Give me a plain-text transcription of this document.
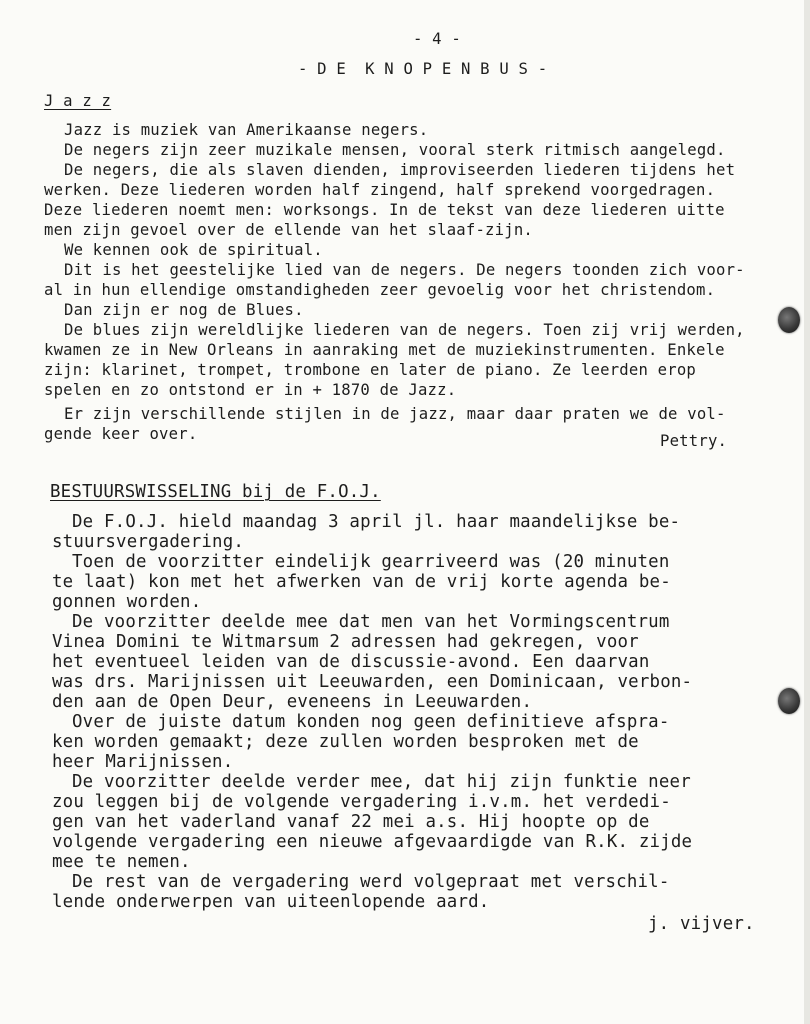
- 4 -
- D E  K N O P E N B U S -
J a z z
Jazz is muziek van Amerikaanse negers.
De negers zijn zeer muzikale mensen, vooral sterk ritmisch aangelegd.
De negers, die als slaven dienden, improviseerden liederen tijdens het
werken. Deze liederen worden half zingend, half sprekend voorgedragen.
Deze liederen noemt men: worksongs. In de tekst van deze liederen uitte
men zijn gevoel over de ellende van het slaaf-zijn.
We kennen ook de spiritual.
Dit is het geestelijke lied van de negers. De negers toonden zich voor-
al in hun ellendige omstandigheden zeer gevoelig voor het christendom.
Dan zijn er nog de Blues.
De blues zijn wereldlijke liederen van de negers. Toen zij vrij werden,
kwamen ze in New Orleans in aanraking met de muziekinstrumenten. Enkele
zijn: klarinet, trompet, trombone en later de piano. Ze leerden erop
spelen en zo ontstond er in + 1870 de Jazz.
Er zijn verschillende stijlen in de jazz, maar daar praten we de vol-
gende keer over.	Pettry.
BESTUURSWISSELING bij de F.O.J.
De F.O.J. hield maandag 3 april jl. haar maandelijkse be-
stuursvergadering.
Toen de voorzitter eindelijk gearriveerd was (20 minuten
te laat) kon met het afwerken van de vrij korte agenda be-
gonnen worden.
De voorzitter deelde mee dat men van het Vormingscentrum
Vinea Domini te Witmarsum 2 adressen had gekregen, voor
het eventueel leiden van de discussie-avond. Een daarvan
was drs. Marijnissen uit Leeuwarden, een Dominicaan, verbon-
den aan de Open Deur, eveneens in Leeuwarden.
Over de juiste datum konden nog geen definitieve afspra-
ken worden gemaakt; deze zullen worden besproken met de
heer Marijnissen.
De voorzitter deelde verder mee, dat hij zijn funktie neer
zou leggen bij de volgende vergadering i.v.m. het verdedi-
gen van het vaderland vanaf 22 mei a.s. Hij hoopte op de
volgende vergadering een nieuwe afgevaardigde van R.K. zijde
mee te nemen.
De rest van de vergadering werd volgepraat met verschil-
lende onderwerpen van uiteenlopende aard.
j. vijver.
